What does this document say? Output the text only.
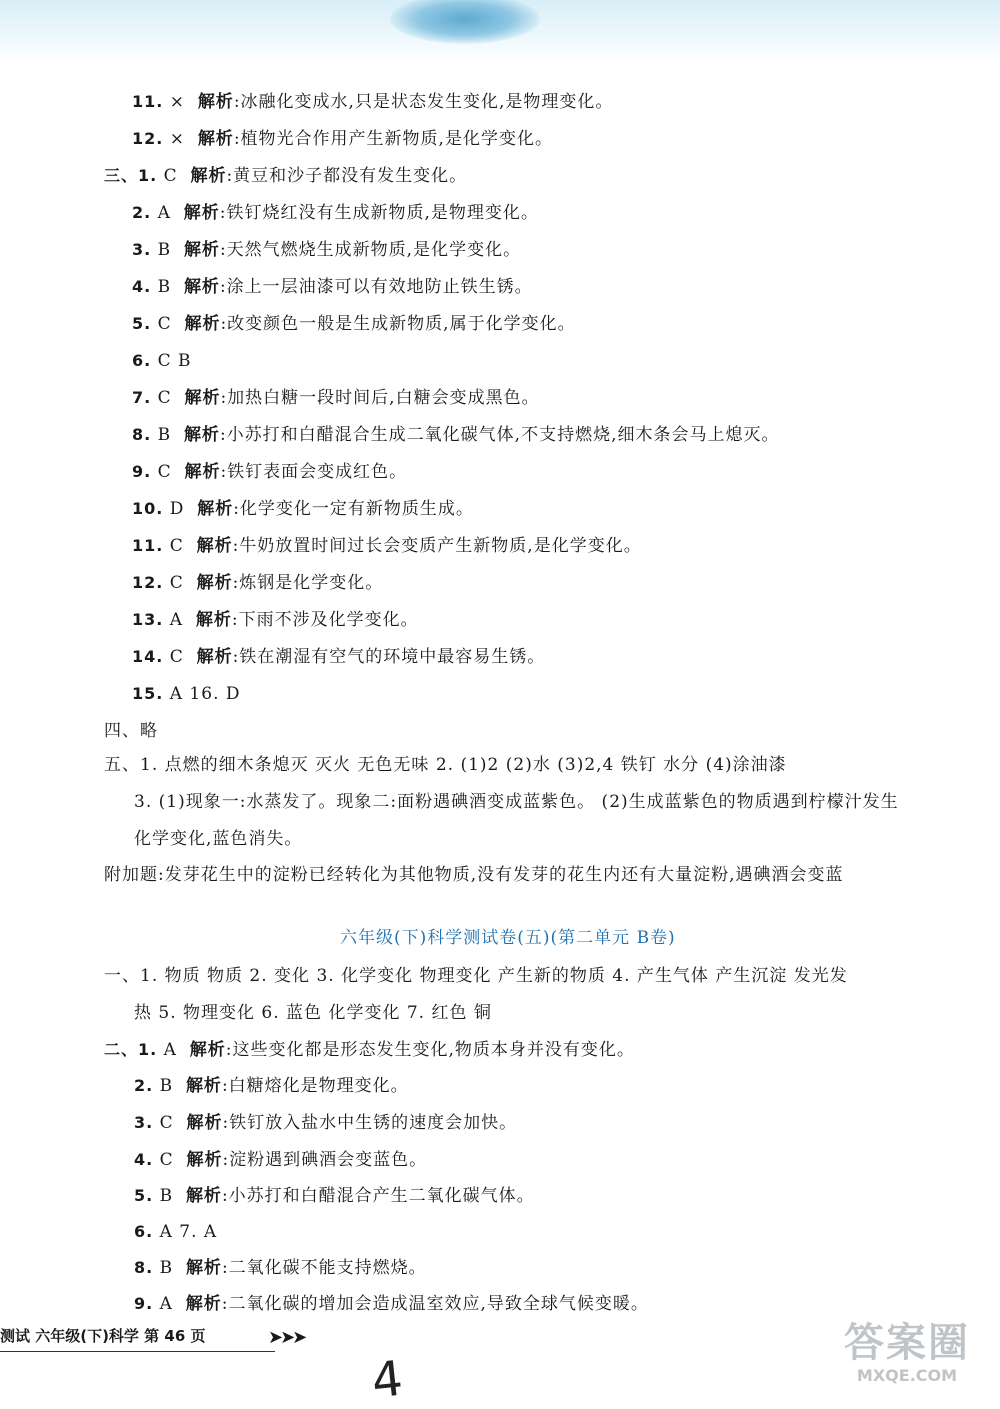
11. × 解析:冰融化变成水,只是状态发生变化,是物理变化。
12. × 解析:植物光合作用产生新物质,是化学变化。
三、1. C 解析:黄豆和沙子都没有发生变化。
2. A 解析:铁钉烧红没有生成新物质,是物理变化。
3. B 解析:天然气燃烧生成新物质,是化学变化。
4. B 解析:涂上一层油漆可以有效地防止铁生锈。
5. C 解析:改变颜色一般是生成新物质,属于化学变化。
6. C B
7. C 解析:加热白糖一段时间后,白糖会变成黑色。
8. B 解析:小苏打和白醋混合生成二氧化碳气体,不支持燃烧,细木条会马上熄灭。
9. C 解析:铁钉表面会变成红色。
10. D 解析:化学变化一定有新物质生成。
11. C 解析:牛奶放置时间过长会变质产生新物质,是化学变化。
12. C 解析:炼钢是化学变化。
13. A 解析:下雨不涉及化学变化。
14. C 解析:铁在潮湿有空气的环境中最容易生锈。
15. A 16. D
四、略
五、1. 点燃的细木条熄灭 灭火 无色无味 2. (1)2 (2)水 (3)2,4 铁钉 水分 (4)涂油漆
3. (1)现象一:水蒸发了。现象二:面粉遇碘酒变成蓝紫色。 (2)生成蓝紫色的物质遇到柠檬汁发生
化学变化,蓝色消失。
附加题:发芽花生中的淀粉已经转化为其他物质,没有发芽的花生内还有大量淀粉,遇碘酒会变蓝
六年级(下)科学测试卷(五)(第二单元 B卷)
一、1. 物质 物质 2. 变化 3. 化学变化 物理变化 产生新的物质 4. 产生气体 产生沉淀 发光发
热 5. 物理变化 6. 蓝色 化学变化 7. 红色 铜
二、1. A 解析:这些变化都是形态发生变化,物质本身并没有变化。
2. B 解析:白糖熔化是物理变化。
3. C 解析:铁钉放入盐水中生锈的速度会加快。
4. C 解析:淀粉遇到碘酒会变蓝色。
5. B 解析:小苏打和白醋混合产生二氧化碳气体。
6. A 7. A
8. B 解析:二氧化碳不能支持燃烧。
9. A 解析:二氧化碳的增加会造成温室效应,导致全球气候变暖。
测试 六年级(下)科学 第 46 页	➤➤➤
4
答案圈
MXQE.COM
